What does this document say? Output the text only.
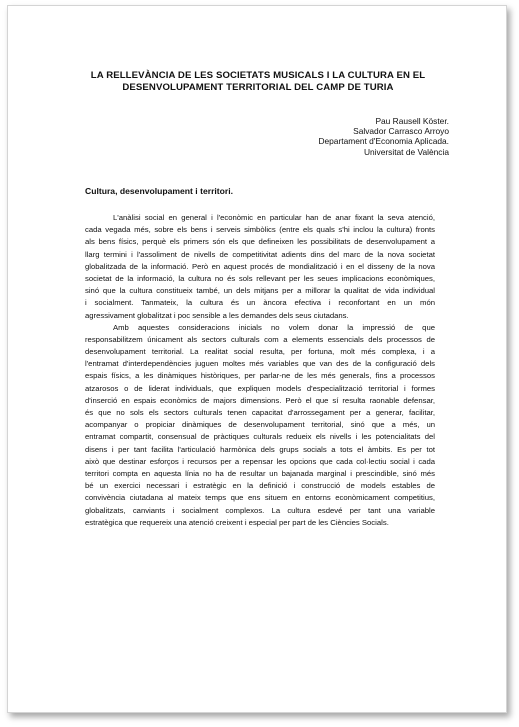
LA RELLEVÀNCIA DE LES SOCIETATS MUSICALS I LA CULTURA EN EL
DESENVOLUPAMENT TERRITORIAL DEL CAMP DE TURIA
Pau Rausell Köster.
Salvador Carrasco Arroyo
Departament d'Economia Aplicada.
Universitat de València
Cultura, desenvolupament i territori.
L'anàlisi social en general i l'econòmic en particular han de anar fixant la seva atenció,
cada vegada més, sobre els bens i serveis simbòlics (entre els quals s'hi inclou la cultura) fronts
als bens físics, perquè els primers són els que defineixen les possibilitats de desenvolupament a
llarg termini i l'assoliment de nivells de competitivitat adients dins del marc de la nova societat
globalitzada de la informació. Però en aquest procés de mondialització i en el disseny de la nova
societat de la informació, la cultura no és sols rellevant per les seues implicacions econòmiques,
sinó que la cultura constitueix també, un dels mitjans per a millorar la qualitat de vida individual
i socialment. Tanmateix, la cultura és un àncora efectiva i reconfortant en un món
agressivament globalitzat i poc sensible a les demandes dels seus ciutadans.
Amb aquestes consideracions inicials no volem donar la impressió de que
responsabilitzem únicament als sectors culturals com a elements essencials dels processos de
desenvolupament territorial. La realitat social resulta, per fortuna, molt més complexa, i a
l'entramat d'interdependències juguen moltes més variables que van des de la configuració dels
espais físics, a les dinàmiques històriques, per parlar-ne de les més generals, fins a processos
atzarosos o de liderat individuals, que expliquen models d'especialització territorial i formes
d'inserció en espais econòmics de majors dimensions. Però el que sí resulta raonable defensar,
és que no sols els sectors culturals tenen capacitat d'arrossegament per a generar, facilitar,
acompanyar o propiciar dinàmiques de desenvolupament territorial, sinó que a més, un
entramat compartit, consensual de pràctiques culturals redueix els nivells i les potencialitats del
disens i per tant facilita l'articulació harmònica dels grups socials a tots el àmbits. Es per tot
això que destinar esforços i recursos per a repensar les opcions que cada col·lectiu social i cada
territori compta en aquesta línia no ha de resultar un bajanada marginal i prescindible, sinó més
bé un exercici necessari i estratègic en la definició i construcció de models estables de
convivència ciutadana al mateix temps que ens situem en entorns econòmicament competitius,
globalitzats, canviants i socialment complexos. La cultura esdevé per tant una variable
estratègica que requereix una atenció creixent i especial per part de les Ciències Socials.
